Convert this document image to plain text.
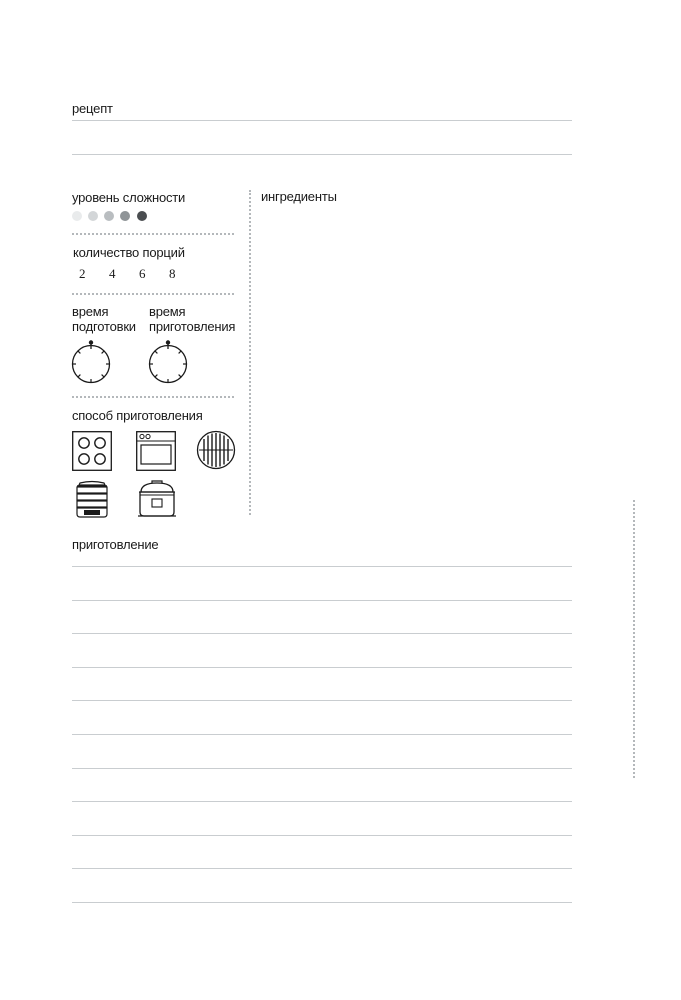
рецепт
уровень сложности
количество порций
2 4 6 8
время
подготовки
время
приготовления
способ приготовления
ингредиенты
приготовление
